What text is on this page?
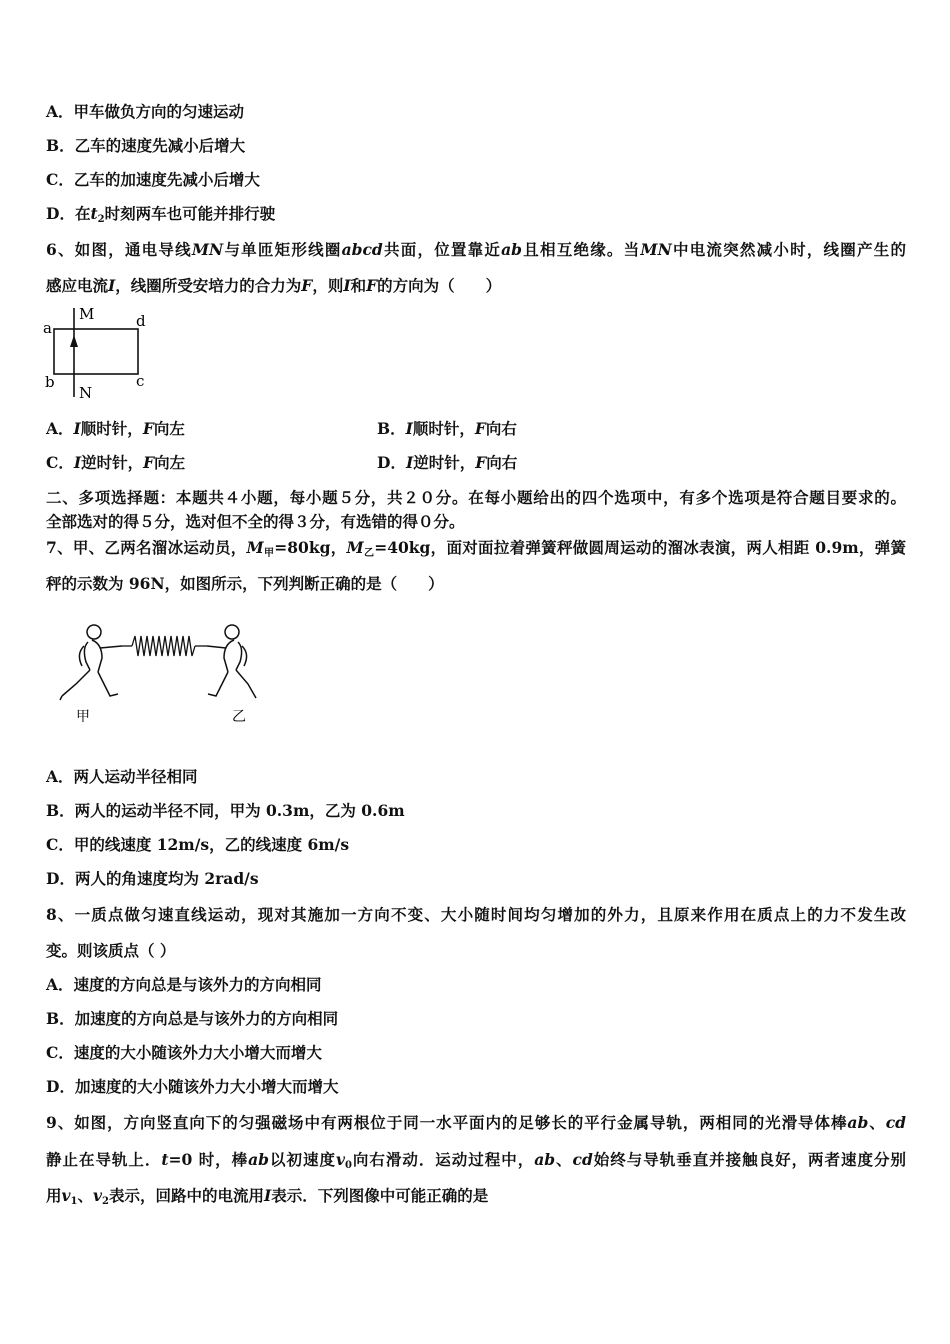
A．甲车做负方向的匀速运动
B．乙车的速度先减小后增大
C．乙车的加速度先减小后增大
D．在$t_2$时刻两车也可能并排行驶
6、如图，通电导线MN与单匝矩形线圈abcd共面，位置靠近ab且相互绝缘。当MN中电流突然减小时，线圈产生的
感应电流I，线圈所受安培力的合力为F，则I和F的方向为（　　）
M
N
a
b	c
d
A．I顺时针，F向左	B．I顺时针，F向右
C．I逆时针，F向左	D．I逆时针，F向右
二、多项选择题：本题共４小题，每小题５分，共２０分。在每小题给出的四个选项中，有多个选项是符合题目要求的。
全部选对的得５分，选对但不全的得３分，有选错的得０分。
7、甲、乙两名溜冰运动员，$M_甲=80kg$，$M_乙=40kg$，面对面拉着弹簧秤做圆周运动的溜冰表演，两人相距 0.9m，弹簧
秤的示数为 96N，如图所示，下列判断正确的是（　　）
甲	乙
A．两人运动半径相同
B．两人的运动半径不同，甲为 0.3m，乙为 0.6m
C．甲的线速度 12m/s，乙的线速度 6m/s
D．两人的角速度均为 2rad/s
8、一质点做匀速直线运动，现对其施加一方向不变、大小随时间均匀增加的外力，且原来作用在质点上的力不发生改
变。则该质点（ ）
A．速度的方向总是与该外力的方向相同
B．加速度的方向总是与该外力的方向相同
C．速度的大小随该外力大小增大而增大
D．加速度的大小随该外力大小增大而增大
9、如图，方向竖直向下的匀强磁场中有两根位于同一水平面内的足够长的平行金属导轨，两相同的光滑导体棒ab、cd
静止在导轨上．t=0 时，棒ab以初速度$v_0$向右滑动．运动过程中，ab、cd始终与导轨垂直并接触良好，两者速度分别
用$v_1$、$v_2$表示，回路中的电流用I表示．下列图像中可能正确的是
